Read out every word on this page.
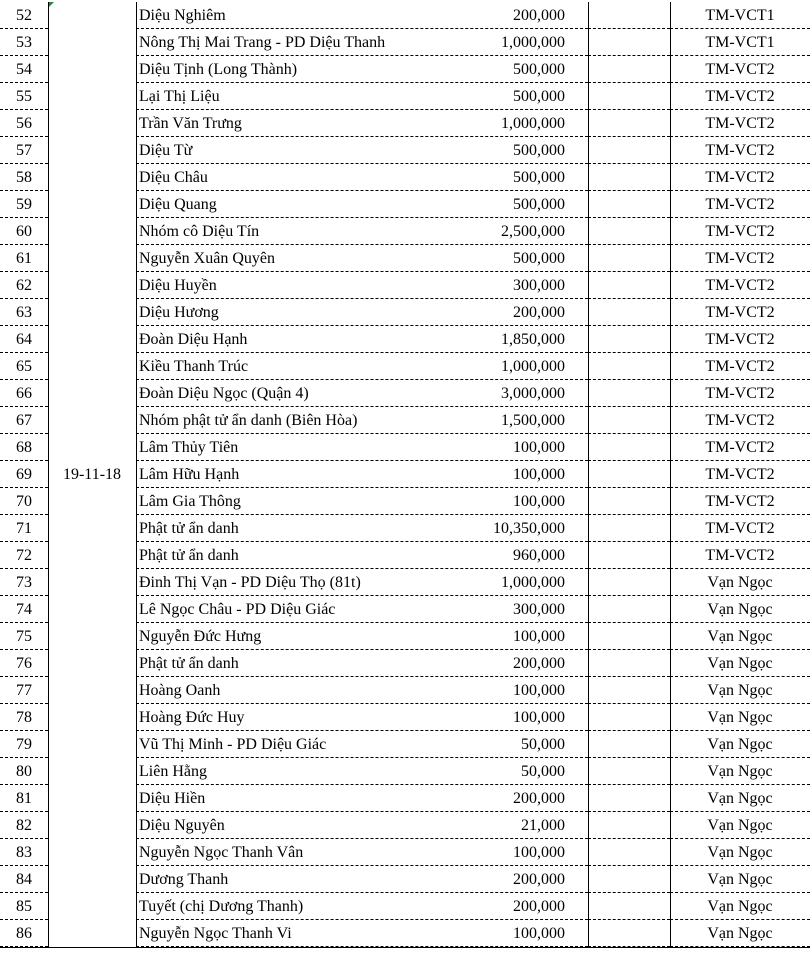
19-11-18
52	Diệu Nghiêm	200,000	TM-VCT1
53	Nông Thị Mai Trang - PD Diệu Thanh	1,000,000	TM-VCT1
54	Diệu Tịnh (Long Thành)	500,000	TM-VCT2
55	Lại Thị Liệu	500,000	TM-VCT2
56	Trần Văn Trưng	1,000,000	TM-VCT2
57	Diệu Từ	500,000	TM-VCT2
58	Diệu Châu	500,000	TM-VCT2
59	Diệu Quang	500,000	TM-VCT2
60	Nhóm cô Diệu Tín	2,500,000	TM-VCT2
61	Nguyễn Xuân Quyên	500,000	TM-VCT2
62	Diệu Huyền	300,000	TM-VCT2
63	Diệu Hương	200,000	TM-VCT2
64	Đoàn Diệu Hạnh	1,850,000	TM-VCT2
65	Kiều Thanh Trúc	1,000,000	TM-VCT2
66	Đoàn Diệu Ngọc (Quận 4)	3,000,000	TM-VCT2
67	Nhóm phật tử ẩn danh (Biên Hòa)	1,500,000	TM-VCT2
68	Lâm Thủy Tiên	100,000	TM-VCT2
69	Lâm Hữu Hạnh	100,000	TM-VCT2
70	Lâm Gia Thông	100,000	TM-VCT2
71	Phật tử ẩn danh	10,350,000	TM-VCT2
72	Phật tử ẩn danh	960,000	TM-VCT2
73	Đinh Thị Vạn - PD Diệu Thọ (81t)	1,000,000	Vạn Ngọc
74	Lê Ngọc Châu - PD Diệu Giác	300,000	Vạn Ngọc
75	Nguyễn Đức Hưng	100,000	Vạn Ngọc
76	Phật tử ẩn danh	200,000	Vạn Ngọc
77	Hoàng Oanh	100,000	Vạn Ngọc
78	Hoàng Đức Huy	100,000	Vạn Ngọc
79	Vũ Thị Minh - PD Diệu Giác	50,000	Vạn Ngọc
80	Liên Hằng	50,000	Vạn Ngọc
81	Diệu Hiền	200,000	Vạn Ngọc
82	Diệu Nguyên	21,000	Vạn Ngọc
83	Nguyễn Ngọc Thanh Vân	100,000	Vạn Ngọc
84	Dương Thanh	200,000	Vạn Ngọc
85	Tuyết (chị Dương Thanh)	200,000	Vạn Ngọc
86	Nguyễn Ngọc Thanh Vi	100,000	Vạn Ngọc
